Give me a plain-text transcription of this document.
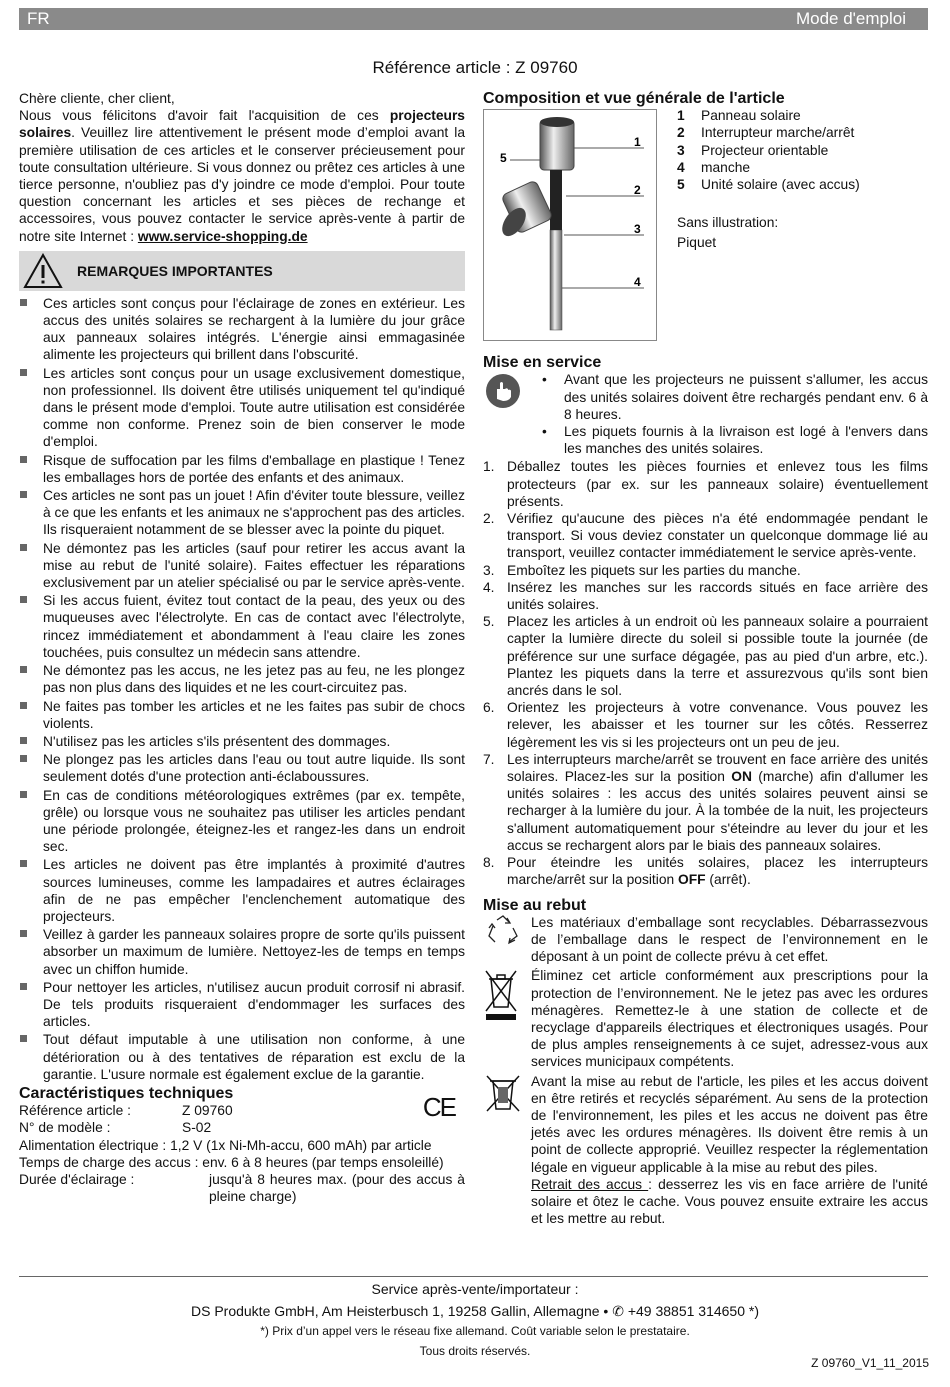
FR	Mode d'emploi
Référence article : Z 09760

Chère cliente, cher client,

Nous vous félicitons d'avoir fait l'acquisition de ces projecteurs solaires. Veuillez lire attentivement le présent mode d’emploi avant la première utilisation de ces articles et le conserver précieusement pour toute consultation ultérieure. Si vous donnez ou prêtez ces articles à une tierce personne, n'oubliez pas d'y joindre ce mode d'emploi. Pour toute question concernant les articles et ses pièces de rechange et accessoires, vous pouvez contacter le service après-vente à partir de notre site Internet : www.service-shopping.de

REMARQUES IMPORTANTES
Ces articles sont conçus pour l'éclairage de zones en extérieur. Les accus des unités solaires se rechargent à la lumière du jour grâce aux panneaux solaires intégrés. L'énergie ainsi emmagasinée alimente les projecteurs qui brillent dans l'obscurité.
Les articles sont conçus pour un usage exclusivement domestique, non professionnel. Ils doivent être utilisés uniquement tel qu'indiqué dans le présent mode d'emploi. Toute autre utilisation est considérée comme non conforme. Prenez soin de bien conserver le mode d'emploi.
Risque de suffocation par les films d'emballage en plastique ! Tenez les emballages hors de portée des enfants et des animaux.
Ces articles ne sont pas un jouet ! Afin d'éviter toute blessure, veillez à ce que les enfants et les animaux ne s'approchent pas des articles. Ils risqueraient notamment de se blesser avec la pointe du piquet.
Ne démontez pas les articles (sauf pour retirer les accus avant la mise au rebut de l'unité solaire). Faites effectuer les réparations exclusivement par un atelier spécialisé ou par le service après-vente.
Si les accus fuient, évitez tout contact de la peau, des yeux ou des muqueuses avec l'électrolyte. En cas de contact avec l'électrolyte, rincez immédiatement et abondamment à l'eau claire les zones touchées, puis consultez un médecin sans attendre.
Ne démontez pas les accus, ne les jetez pas au feu, ne les plongez pas non plus dans des liquides et ne les court-circuitez pas.
Ne faites pas tomber les articles et ne les faites pas subir de chocs violents.
N'utilisez pas les articles s'ils présentent des dommages.
Ne plongez pas les articles dans l'eau ou tout autre liquide. Ils sont seulement dotés d'une protection anti-éclaboussures.
En cas de conditions météorologiques extrêmes (par ex. tempête, grêle) ou lorsque vous ne souhaitez pas utiliser les articles pendant une période prolongée, éteignez-les et rangez-les dans un endroit sec.
Les articles ne doivent pas être implantés à proximité d'autres sources lumineuses, comme les lampadaires et autres éclairages afin de ne pas empêcher l'enclenchement automatique des projecteurs.
Veillez à garder les panneaux solaires propre de sorte qu'ils puissent absorber un maximum de lumière. Nettoyez-les de temps en temps avec un chiffon humide.
Pour nettoyer les articles, n'utilisez aucun produit corrosif ni abrasif. De tels produits risqueraient d'endommager les surfaces des articles.
Tout défaut imputable à une utilisation non conforme, à une détérioration ou à des tentatives de réparation est exclu de la garantie. L'usure normale est également exclue de la garantie.
Caractéristiques techniques
Référence article :	Z 09760
N° de modèle :	S-02
Alimentation électrique : 1,2 V (1x Ni-Mh-accu, 600 mAh) par article
Temps de charge des accus : env. 6 à 8 heures (par temps ensoleillé)
Durée d'éclairage :	jusqu'à 8 heures max. (pour des accus à pleine charge)
CE
Composition et vue générale de l'article
1
2
3
4
5
1	Panneau solaire
2	Interrupteur marche/arrêt
3	Projecteur orientable
4	manche
5	Unité solaire (avec accus)
Sans illustration:
Piquet
Mise en service
• Avant que les projecteurs ne puissent s'allumer, les accus des unités solaires doivent être rechargés pendant env. 6 à 8 heures.
• Les piquets fournis à la livraison est logé à l'envers dans les manches des unités solaires.
1. Déballez toutes les pièces fournies et enlevez tous les films protecteurs (par ex. sur les panneaux solaire) éventuellement présents.
2. Vérifiez qu'aucune des pièces n'a été endommagée pendant le transport. Si vous deviez constater un quelconque dommage lié au transport, veuillez contacter immédiatement le service après-vente.
3. Emboîtez les piquets sur les parties du manche.
4. Insérez les manches sur les raccords situés en face arrière des unités solaires.
5. Placez les articles à un endroit où les panneaux solaire a pourraient capter la lumière directe du soleil si possible toute la journée (de préférence sur une surface dégagée, pas au pied d'un arbre, etc.). Plantez les piquets dans la terre et assurezvous qu'ils sont bien ancrés dans le sol.
6. Orientez les projecteurs à votre convenance. Vous pouvez les relever, les abaisser et les tourner sur les côtés. Resserrez légèrement les vis si les projecteurs ont un peu de jeu.
7. Les interrupteurs marche/arrêt se trouvent en face arrière des unités solaires. Placez-les sur la position ON (marche) afin d'allumer les unités solaires : les accus des unités solaires peuvent ainsi se recharger à la lumière du jour. À la tombée de la nuit, les projecteurs s'allument automatiquement pour s'éteindre au lever du jour et les accus se rechargent alors par le biais des panneaux solaires.
8. Pour éteindre les unités solaires, placez les interrupteurs marche/arrêt sur la position OFF (arrêt).
Mise au rebut
Les matériaux d’emballage sont recyclables. Débarrassezvous de l’emballage dans le respect de l’environnement en le déposant à un point de collecte prévu à cet effet.
Éliminez cet article conformément aux prescriptions pour la protection de l’environnement. Ne le jetez pas avec les ordures ménagères. Remettez-le à une station de collecte et de recyclage d'appareils électriques et électroniques usagés. Pour de plus amples renseignements à ce sujet, adressez-vous aux services municipaux compétents.
Avant la mise au rebut de l'article, les piles et les accus doivent en être retirés et recyclés séparément. Au sens de la protection de l'environnement, les piles et les accus ne doivent pas être jetés avec les ordures ménagères. Ils doivent être remis à un point de collecte approprié. Veuillez respecter la réglementation légale en vigueur applicable à la mise au rebut des piles.
Retrait des accus : desserrez les vis en face arrière de l'unité solaire et ôtez le cache. Vous pouvez ensuite extraire les accus et les mettre au rebut.
Service après-vente/importateur :
DS Produkte GmbH, Am Heisterbusch 1, 19258 Gallin, Allemagne • ✆ +49 38851 314650 *)
*) Prix d’un appel vers le réseau fixe allemand. Coût variable selon le prestataire.
Tous droits réservés.
Z 09760_V1_11_2015
